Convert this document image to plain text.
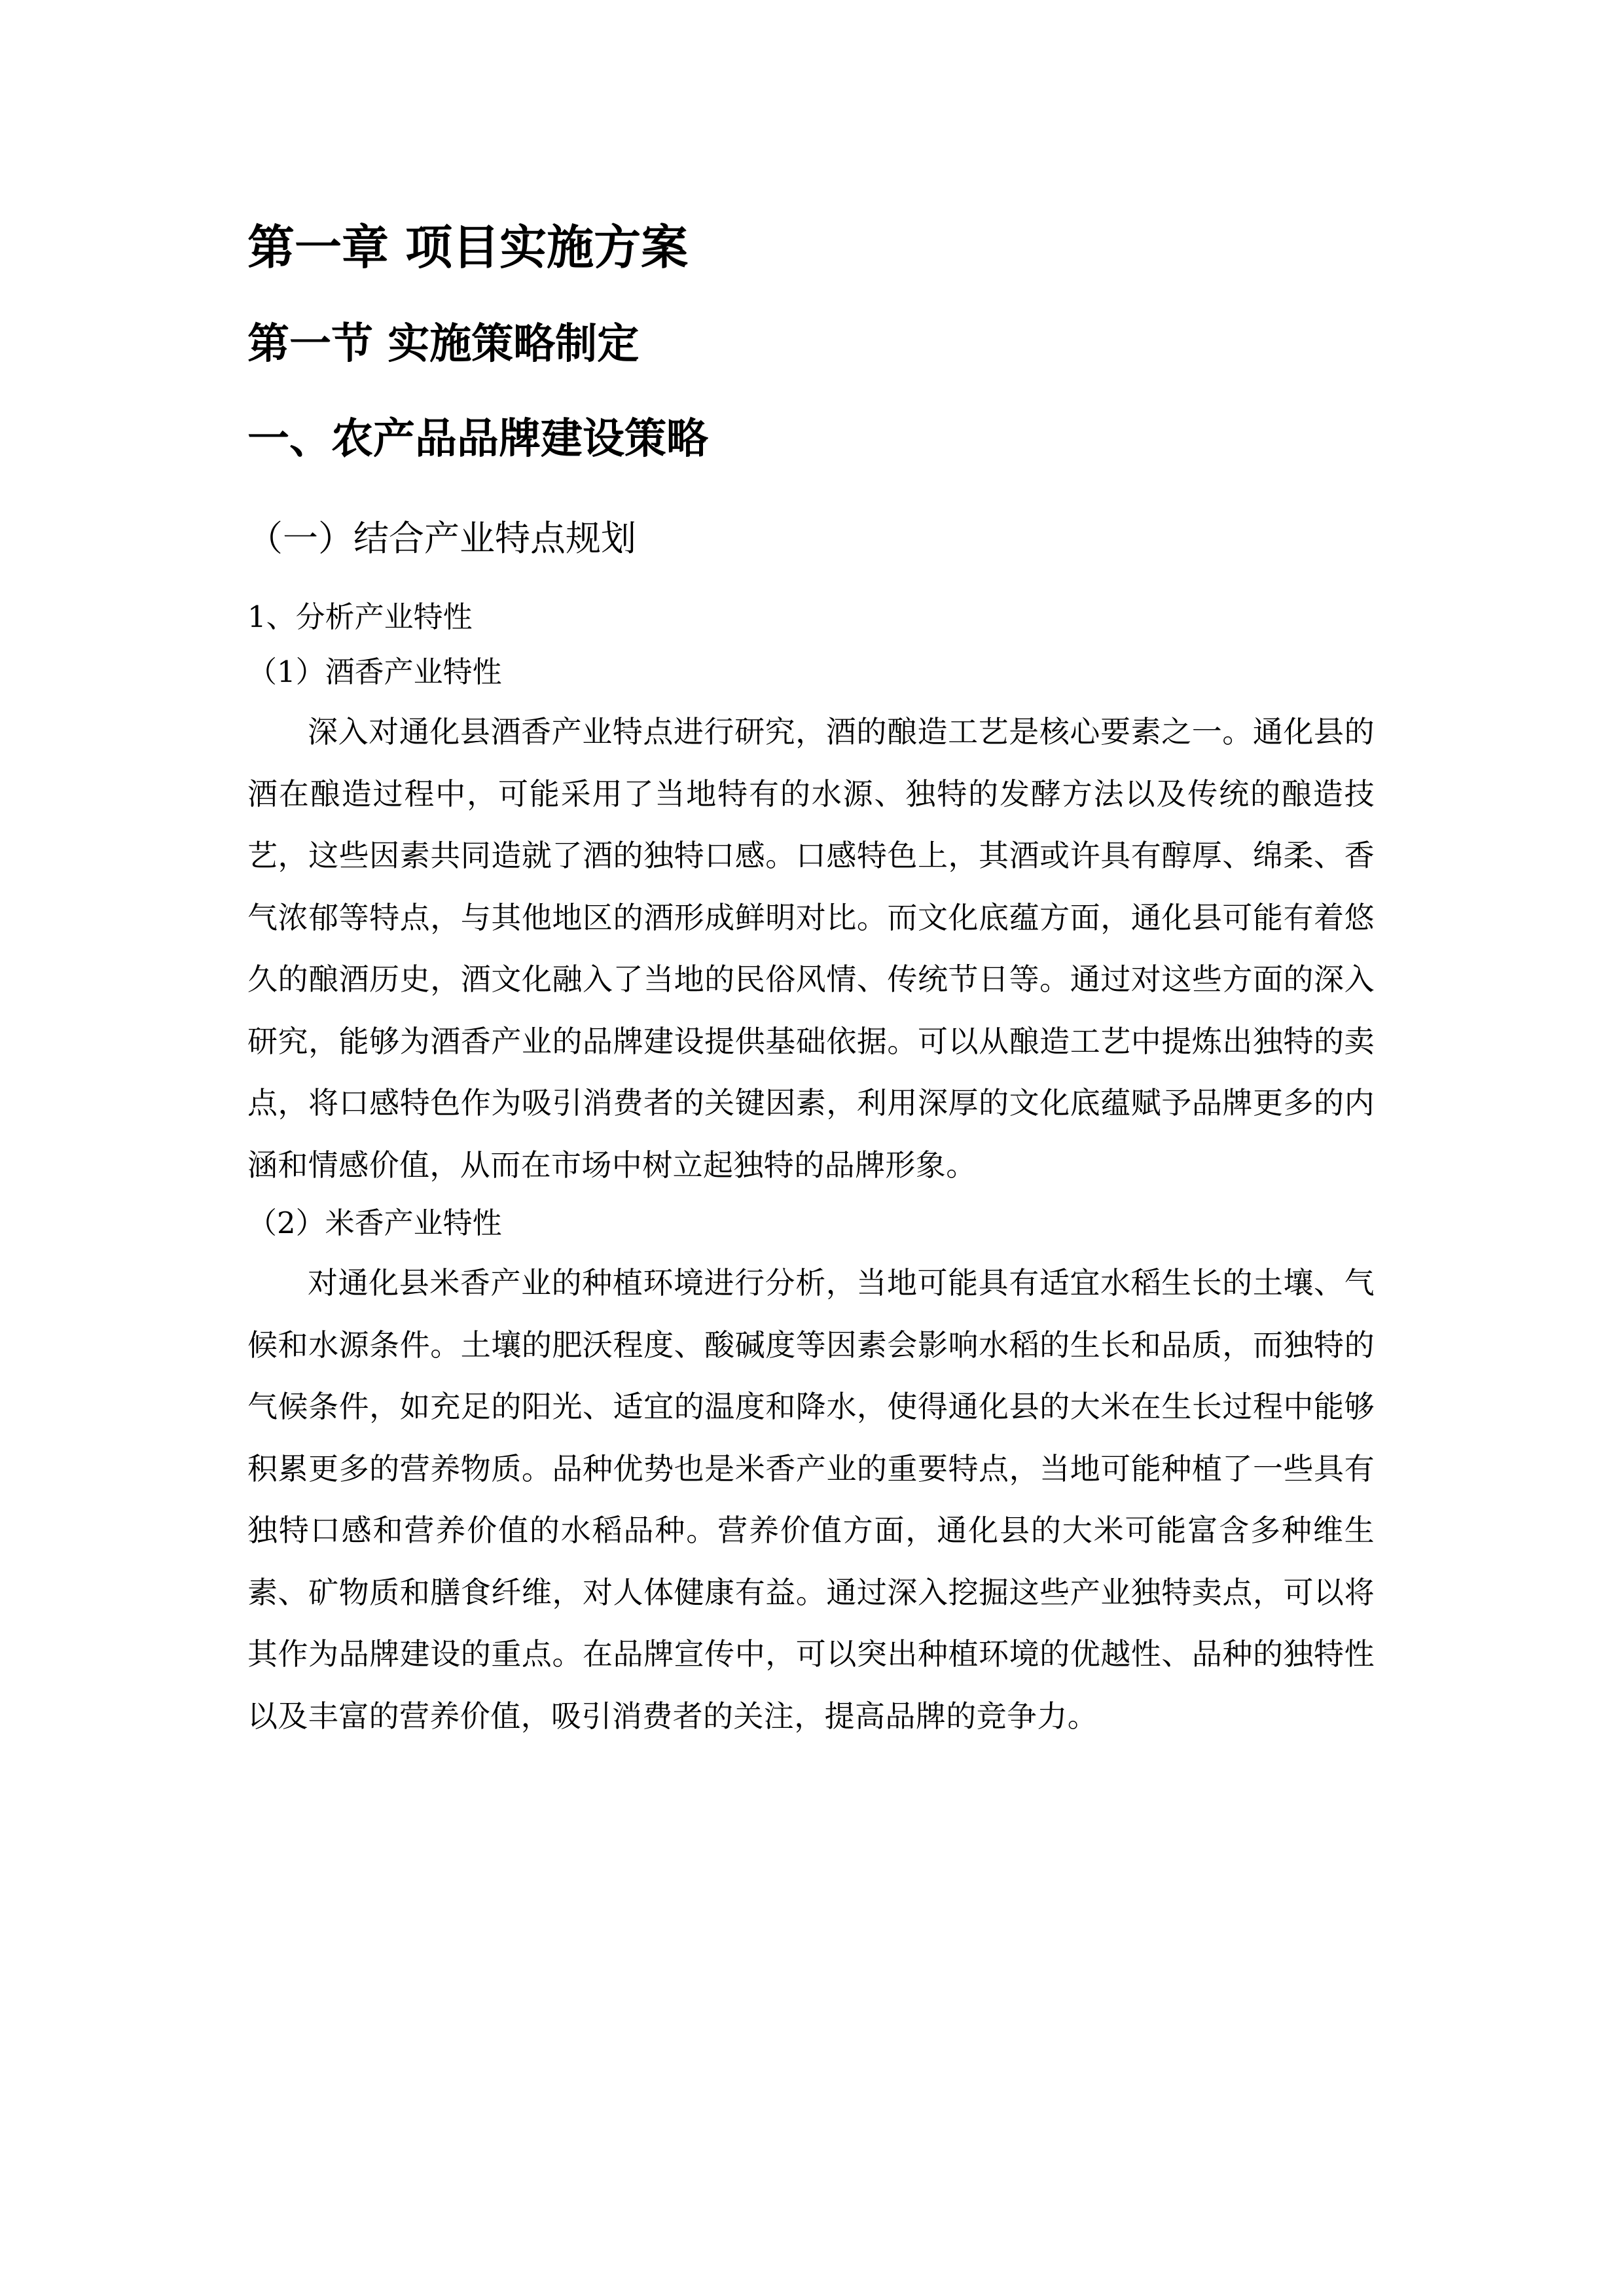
第一章 项目实施方案
第一节 实施策略制定
一、农产品品牌建设策略
（一）结合产业特点规划
1、分析产业特性
（1）酒香产业特性

深入对通化县酒香产业特点进行研究，酒的酿造工艺是核心要素之一。通化县的酒在酿造过程中，可能采用了当地特有的水源、独特的发酵方法以及传统的酿造技艺，这些因素共同造就了酒的独特口感。口感特色上，其酒或许具有醇厚、绵柔、香气浓郁等特点，与其他地区的酒形成鲜明对比。而文化底蕴方面，通化县可能有着悠久的酿酒历史，酒文化融入了当地的民俗风情、传统节日等。通过对这些方面的深入研究，能够为酒香产业的品牌建设提供基础依据。可以从酿造工艺中提炼出独特的卖点，将口感特色作为吸引消费者的关键因素，利用深厚的文化底蕴赋予品牌更多的内涵和情感价值，从而在市场中树立起独特的品牌形象。

（2）米香产业特性

对通化县米香产业的种植环境进行分析，当地可能具有适宜水稻生长的土壤、气候和水源条件。土壤的肥沃程度、酸碱度等因素会影响水稻的生长和品质，而独特的气候条件，如充足的阳光、适宜的温度和降水，使得通化县的大米在生长过程中能够积累更多的营养物质。品种优势也是米香产业的重要特点，当地可能种植了一些具有独特口感和营养价值的水稻品种。营养价值方面，通化县的大米可能富含多种维生素、矿物质和膳食纤维，对人体健康有益。通过深入挖掘这些产业独特卖点，可以将其作为品牌建设的重点。在品牌宣传中，可以突出种植环境的优越性、品种的独特性以及丰富的营养价值，吸引消费者的关注，提高品牌的竞争力。
